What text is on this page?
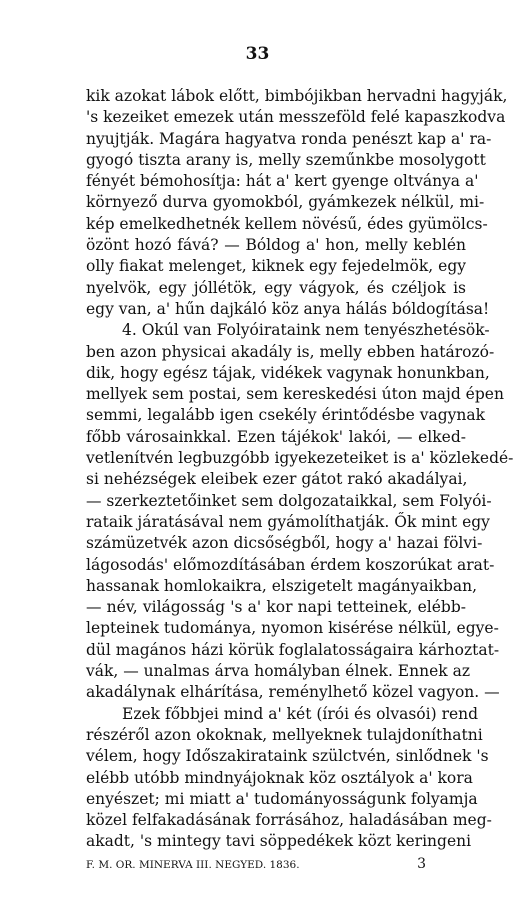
33
kik azokat lábok előtt, bimbójikban hervadni hagyják,
's kezeiket emezek után messzeföld felé kapaszkodva
nyujtják. Magára hagyatva ronda penészt kap a' ra-
gyogó tiszta arany is, melly szeműnkbe mosolygott
fényét bémohosítja: hát a' kert gyenge oltványa a'
környező durva gyomokból, gyámkezek nélkül, mi-
kép emelkedhetnék kellem növésű, édes gyümölcs-
özönt hozó fává? — Bóldog a' hon, melly keblén
olly fiakat melenget, kiknek egy fejedelmök, egy
nyelvök, egy jóllétök, egy vágyok, és czéljok is
egy van, a' hűn dajkáló köz anya hálás bóldogítása!
4. Okúl van Folyóirataink nem tenyészhetésök-
ben azon physicai akadály is, melly ebben határozó-
dik, hogy egész tájak, vidékek vagynak honunkban,
mellyek sem postai, sem kereskedési úton majd épen
semmi, legalább igen csekély érintődésbe vagynak
főbb városainkkal. Ezen tájékok' lakói, — elked-
vetlenítvén legbuzgóbb igyekezeteiket is a' közlekedé-
si nehézségek eleibek ezer gátot rakó akadályai,
— szerkeztetőinket sem dolgozataikkal, sem Folyói-
rataik járatásával nem gyámolíthatják. Ők mint egy
számüzetvék azon dicsőségből, hogy a' hazai fölvi-
lágosodás' előmozdításában érdem koszorúkat arat-
hassanak homlokaikra, elszigetelt magányaikban,
— név, világosság 's a' kor napi tetteinek, elébb-
lepteinek tudománya, nyomon kisérése nélkül, egye-
dül magános házi körük foglalatosságaira kárhoztat-
vák, — unalmas árva homályban élnek. Ennek az
akadálynak elhárítása, reménylhető közel vagyon. —
Ezek főbbjei mind a' két (írói és olvasói) rend
részéről azon okoknak, mellyeknek tulajdoníthatni
vélem, hogy Időszakirataink szülctvén, sinlődnek 's
elébb utóbb mindnyájoknak köz osztályok a' kora
enyészet; mi miatt a' tudományosságunk folyamja
közel felfakadásának forrásához, haladásában meg-
akadt, 's mintegy tavi söppedékek közt keringeni
F. M. OR. MINERVA III. NEGYED. 1836.	3
